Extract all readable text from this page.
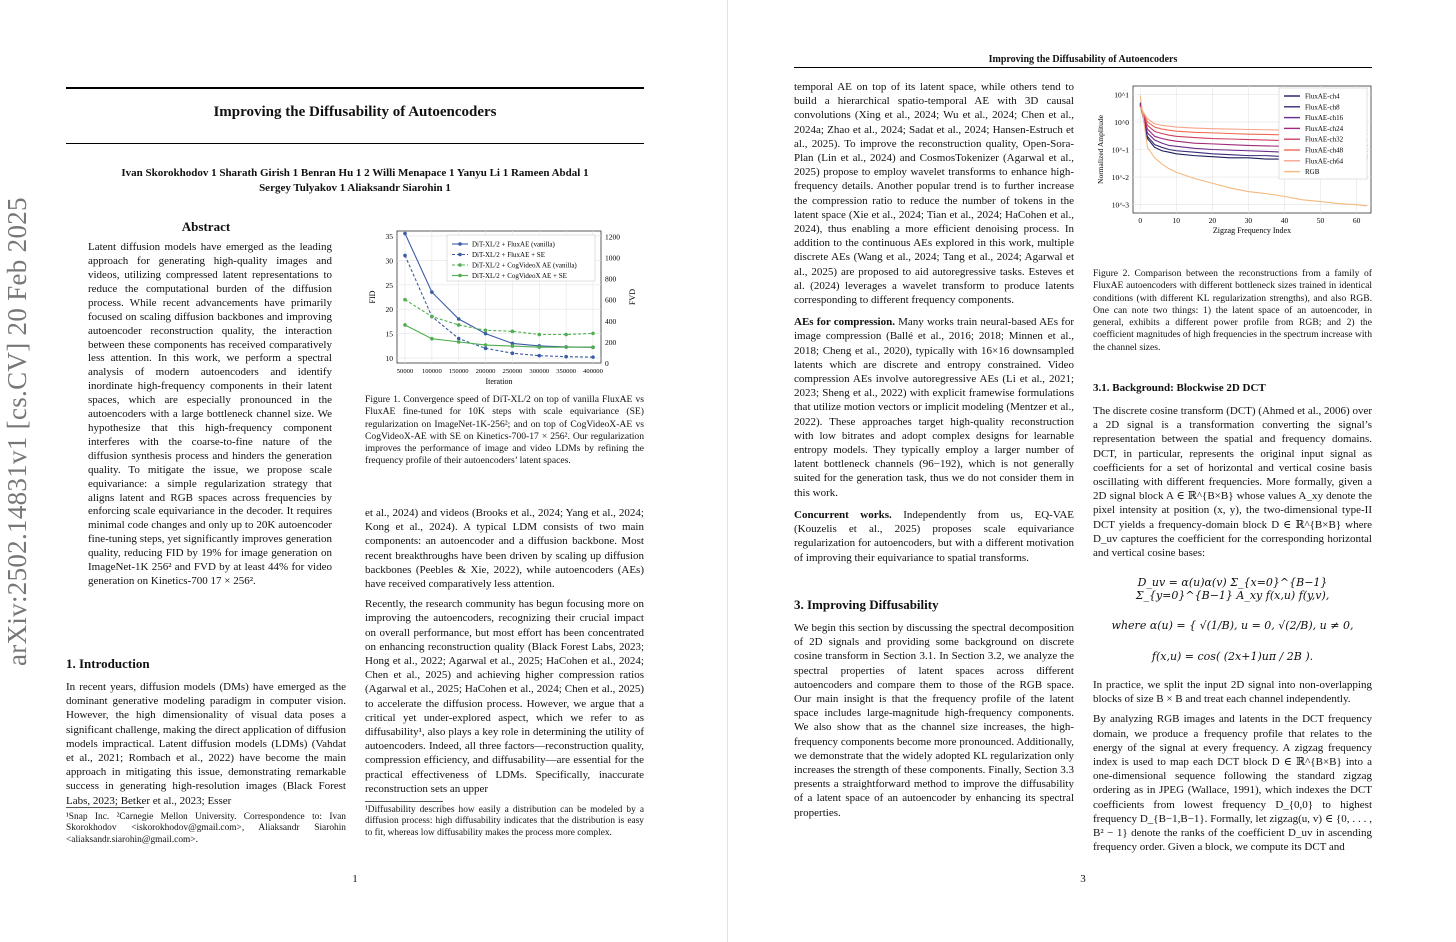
arXiv:2502.14831v1 [cs.CV] 20 Feb 2025
Improving the Diffusability of Autoencoders
Ivan Skorokhodov 1 Sharath Girish 1 Benran Hu 1 2 Willi Menapace 1 Yanyu Li 1 Rameen Abdal 1
Sergey Tulyakov 1 Aliaksandr Siarohin 1
Abstract
Latent diffusion models have emerged as the leading approach for generating high-quality images and videos, utilizing compressed latent representations to reduce the computational burden of the diffusion process. While recent advancements have primarily focused on scaling diffusion backbones and improving autoencoder reconstruction quality, the interaction between these components has received comparatively less attention. In this work, we perform a spectral analysis of modern autoencoders and identify inordinate high-frequency components in their latent spaces, which are especially pronounced in the autoencoders with a large bottleneck channel size. We hypothesize that this high-frequency component interferes with the coarse-to-fine nature of the diffusion synthesis process and hinders the generation quality. To mitigate the issue, we propose scale equivariance: a simple regularization strategy that aligns latent and RGB spaces across frequencies by enforcing scale equivariance in the decoder. It requires minimal code changes and only up to 20K autoencoder fine-tuning steps, yet significantly improves generation quality, reducing FID by 19% for image generation on ImageNet-1K 256² and FVD by at least 44% for video generation on Kinetics-700 17 × 256².
1. Introduction

In recent years, diffusion models (DMs) have emerged as the dominant generative modeling paradigm in computer vision. However, the high dimensionality of visual data poses a significant challenge, making the direct application of diffusion models impractical. Latent diffusion models (LDMs) (Vahdat et al., 2021; Rombach et al., 2022) have become the main approach in mitigating this issue, demonstrating remarkable success in generating high-resolution images (Black Forest Labs, 2023; Betker et al., 2023; Esser

¹Snap Inc. ²Carnegie Mellon University. Correspondence to: Ivan Skorokhodov <iskorokhodov@gmail.com>, Aliaksandr Siarohin <aliaksandr.siarohin@gmail.com>.
10
15
20
25
30
35
0
200
400
600
800
1000
1200
50000 100000 150000 200000 250000 300000 350000 400000
Iteration
FID	FVD
DiT-XL/2 + FluxAE (vanilla)
DiT-XL/2 + FluxAE + SE
DiT-XL/2 + CogVideoX AE (vanilla)
DiT-XL/2 + CogVideoX AE + SE
Figure 1. Convergence speed of DiT-XL/2 on top of vanilla FluxAE vs FluxAE fine-tuned for 10K steps with scale equivariance (SE) regularization on ImageNet-1K-256²; and on top of CogVideoX-AE vs CogVideoX-AE with SE on Kinetics-700-17 × 256². Our regularization improves the performance of image and video LDMs by refining the frequency profile of their autoencoders’ latent spaces.

et al., 2024) and videos (Brooks et al., 2024; Yang et al., 2024; Kong et al., 2024). A typical LDM consists of two main components: an autoencoder and a diffusion backbone. Most recent breakthroughs have been driven by scaling up diffusion backbones (Peebles & Xie, 2022), while autoencoders (AEs) have received comparatively less attention.

Recently, the research community has begun focusing more on improving the autoencoders, recognizing their crucial impact on overall performance, but most effort has been concentrated on enhancing reconstruction quality (Black Forest Labs, 2023; Hong et al., 2022; Agarwal et al., 2025; HaCohen et al., 2024; Chen et al., 2025) and achieving higher compression ratios (Agarwal et al., 2025; HaCohen et al., 2024; Chen et al., 2025) to accelerate the diffusion process. However, we argue that a critical yet under-explored aspect, which we refer to as diffusability¹, also plays a key role in determining the utility of autoencoders. Indeed, all three factors—reconstruction quality, compression efficiency, and diffusability—are essential for the practical effectiveness of LDMs. Specifically, inaccurate reconstruction sets an upper

¹Diffusability describes how easily a distribution can be modeled by a diffusion process: high diffusability indicates that the distribution is easy to fit, whereas low diffusability makes the process more complex.
1
Improving the Diffusability of Autoencoders

temporal AE on top of its latent space, while others tend to build a hierarchical spatio-temporal AE with 3D causal convolutions (Xing et al., 2024; Wu et al., 2024; Chen et al., 2024a; Zhao et al., 2024; Sadat et al., 2024; Hansen-Estruch et al., 2025). To improve the reconstruction quality, Open-Sora-Plan (Lin et al., 2024) and CosmosTokenizer (Agarwal et al., 2025) propose to employ wavelet transforms to enhance high-frequency details. Another popular trend is to further increase the compression ratio to reduce the number of tokens in the latent space (Xie et al., 2024; Tian et al., 2024; HaCohen et al., 2024), thus enabling a more efficient denoising process. In addition to the continuous AEs explored in this work, multiple discrete AEs (Wang et al., 2024; Tang et al., 2024; Agarwal et al., 2025) are proposed to aid autoregressive tasks. Esteves et al. (2024) leverages a wavelet transform to produce latents corresponding to different frequency components.

AEs for compression. Many works train neural-based AEs for image compression (Ballé et al., 2016; 2018; Minnen et al., 2018; Cheng et al., 2020), typically with 16×16 downsampled latents which are discrete and entropy constrained. Video compression AEs involve autoregressive AEs (Li et al., 2021; 2023; Sheng et al., 2022) with explicit framewise formulations that utilize motion vectors or implicit modeling (Mentzer et al., 2022). These approaches target high-quality reconstruction with low bitrates and adopt complex designs for learnable entropy models. They typically employ a larger number of latent bottleneck channels (96−192), which is not generally suited for the generation task, thus we do not consider them in this work.

Concurrent works. Independently from us, EQ-VAE (Kouzelis et al., 2025) proposes scale equivariance regularization for autoencoders, but with a different motivation of improving their equivariance to spatial transforms.

3. Improving Diffusability

We begin this section by discussing the spectral decomposition of 2D signals and providing some background on discrete cosine transform in Section 3.1. In Section 3.2, we analyze the spectral properties of latent spaces across different autoencoders and compare them to those of the RGB space. Our main insight is that the frequency profile of the latent space includes large-magnitude high-frequency components. We also show that as the channel size increases, the high-frequency components become more pronounced. Additionally, we demonstrate that the widely adopted KL regularization only increases the strength of these components. Finally, Section 3.3 presents a straightforward method to improve the diffusability of a latent space of an autoencoder by enhancing its spectral properties.

10^-3
10^-2
10^-1
10^0
10^1
0	10	20	30	40	50	60
Zigzag Frequency Index
Normalized Amplitude
FluxAE-ch4
FluxAE-ch8
FluxAE-ch16
FluxAE-ch24
FluxAE-ch32
FluxAE-ch48
FluxAE-ch64
RGB
Figure 2. Comparison between the reconstructions from a family of FluxAE autoencoders with different bottleneck sizes trained in identical conditions (with different KL regularization strengths), and also RGB. One can note two things: 1) the latent space of an autoencoder, in general, exhibits a different power profile from RGB; and 2) the coefficient magnitudes of high frequencies in the spectrum increase with the channel sizes.
3.1. Background: Blockwise 2D DCT

The discrete cosine transform (DCT) (Ahmed et al., 2006) over a 2D signal is a transformation converting the signal’s representation between the spatial and frequency domains. DCT, in particular, represents the original input signal as coefficients for a set of horizontal and vertical cosine basis oscillating with different frequencies. More formally, given a 2D signal block A ∈ ℝ^{B×B} whose values A_xy denote the pixel intensity at position (x, y), the two-dimensional type-II DCT yields a frequency-domain block D ∈ ℝ^{B×B} where D_uv captures the coefficient for the corresponding horizontal and vertical cosine bases:

D_uv = α(u)α(v) Σ_{x=0}^{B−1} Σ_{y=0}^{B−1} A_xy f(x,u) f(y,v),
where α(u) = { √(1/B), u = 0, √(2/B), u ≠ 0,
f(x,u) = cos( (2x+1)uπ / 2B ).

In practice, we split the input 2D signal into non-overlapping blocks of size B × B and treat each channel independently.

By analyzing RGB images and latents in the DCT frequency domain, we produce a frequency profile that relates to the energy of the signal at every frequency. A zigzag frequency index is used to map each DCT block D ∈ ℝ^{B×B} into a one-dimensional sequence following the standard zigzag ordering as in JPEG (Wallace, 1991), which indexes the DCT coefficients from lowest frequency D_{0,0} to highest frequency D_{B−1,B−1}. Formally, let zigzag(u, v) ∈ {0, . . . , B² − 1} denote the ranks of the coefficient D_uv in ascending frequency order. Given a block, we compute its DCT and

3
